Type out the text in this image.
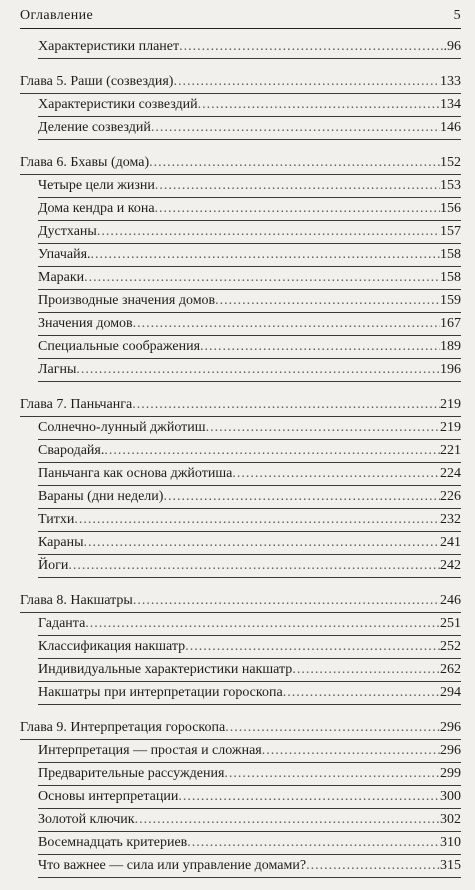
Оглавление	5
Характеристики планет .....	.96
Глава 5. Раши (созвездия) .....	133
Характеристики созвездий .....	134
Деление созвездий .....	146
Глава 6. Бхавы (дома) .....	152
Четыре цели жизни .....	153
Дома кендра и кона .....	156
Дустханы .....	157
Упачайя. .....	158
Мараки .....	158
Производные значения домов .....	159
Значения домов .....	167
Специальные соображения .....	189
Лагны .....	196
Глава 7. Паньчанга .....	219
Солнечно-лунный джйотиш .....	219
Свародайя. .....	221
Паньчанга как основа джйотиша .....	224
Вараны (дни недели) .....	226
Титхи .....	232
Караны .....	241
Йоги .....	242
Глава 8. Накшатры .....	246
Гаданта .....	251
Классификация накшатр .....	252
Индивидуальные характеристики накшатр .....	262
Накшатры при интерпретации гороскопа .....	294
Глава 9. Интерпретация гороскопа .....	296
Интерпретация — простая и сложная .....	296
Предварительные рассуждения .....	299
Основы интерпретации .....	300
Золотой ключик .....	302
Восемнадцать критериев .....	310
Что важнее — сила или управление домами? .....	315
